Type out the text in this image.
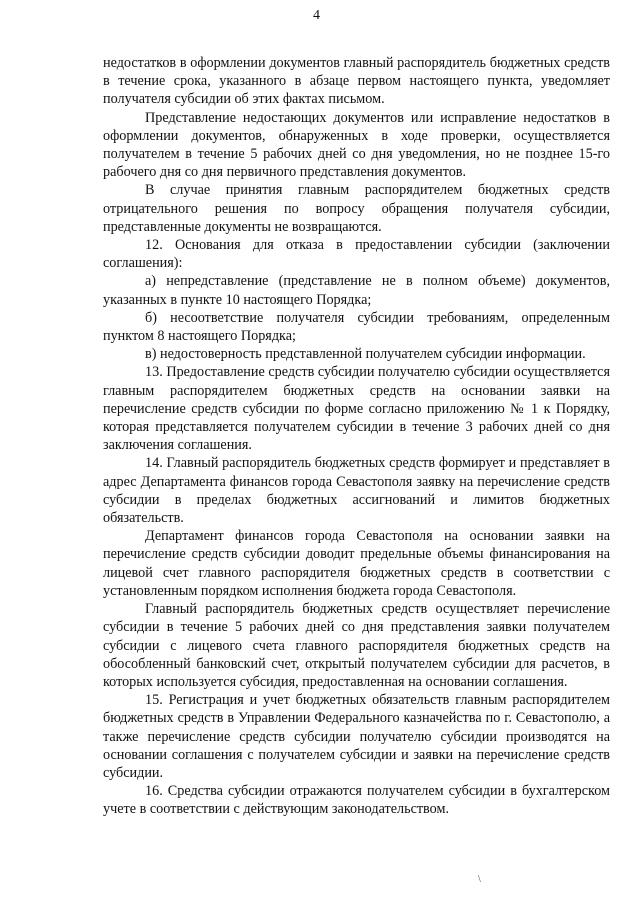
4

недостатков в оформлении документов главный распорядитель бюджетных средств в течение срока, указанного в абзаце первом настоящего пункта, уведомляет получателя субсидии об этих фактах письмом.

Представление недостающих документов или исправление недостатков в оформлении документов, обнаруженных в ходе проверки, осуществляется получателем в течение 5 рабочих дней со дня уведомления, но не позднее 15-го рабочего дня со дня первичного представления документов.

В случае принятия главным распорядителем бюджетных средств отрицательного решения по вопросу обращения получателя субсидии, представленные документы не возвращаются.

12. Основания для отказа в предоставлении субсидии (заключении соглашения):

а) непредставление (представление не в полном объеме) документов, указанных в пункте 10 настоящего Порядка;

б) несоответствие получателя субсидии требованиям, определенным пунктом 8 настоящего Порядка;

в) недостоверность представленной получателем субсидии информации.

13. Предоставление средств субсидии получателю субсидии осуществляется главным распорядителем бюджетных средств на основании заявки на перечисление средств субсидии по форме согласно приложению № 1 к Порядку, которая представляется получателем субсидии в течение 3 рабочих дней со дня заключения соглашения.

14. Главный распорядитель бюджетных средств формирует и представляет в адрес Департамента финансов города Севастополя заявку на перечисление средств субсидии в пределах бюджетных ассигнований и лимитов бюджетных обязательств.

Департамент финансов города Севастополя на основании заявки на перечисление средств субсидии доводит предельные объемы финансирования на лицевой счет главного распорядителя бюджетных средств в соответствии с установленным порядком исполнения бюджета города Севастополя.

Главный распорядитель бюджетных средств осуществляет перечисление субсидии в течение 5 рабочих дней со дня представления заявки получателем субсидии с лицевого счета главного распорядителя бюджетных средств на обособленный банковский счет, открытый получателем субсидии для расчетов, в которых используется субсидия, предоставленная на основании соглашения.

15. Регистрация и учет бюджетных обязательств главным распорядителем бюджетных средств в Управлении Федерального казначейства по г. Севастополю, а также перечисление средств субсидии получателю субсидии производятся на основании соглашения с получателем субсидии и заявки на перечисление средств субсидии.

16. Средства субсидии отражаются получателем субсидии в бухгалтерском учете в соответствии с действующим законодательством.

\
